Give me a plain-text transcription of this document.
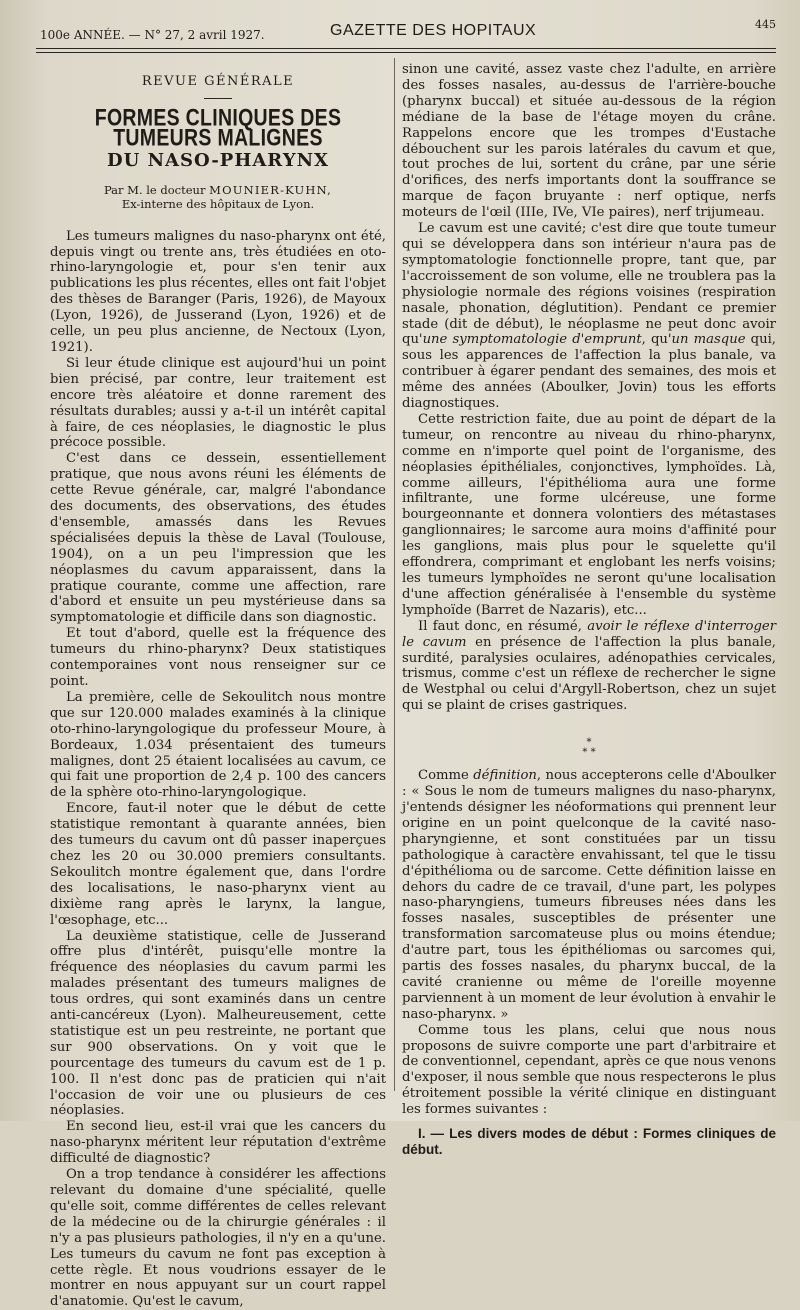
100e ANNÉE. — N° 27, 2 avril 1927.	GAZETTE DES HOPITAUX	445
REVUE GÉNÉRALE
FORMES CLINIQUES DES TUMEURS MALIGNES
DU NASO-PHARYNX
Par M. le docteur MOUNIER-KUHN,
Ex-interne des hôpitaux de Lyon.

Les tumeurs malignes du naso-pharynx ont été, depuis vingt ou trente ans, très étudiées en oto-rhino-laryngologie et, pour s'en tenir aux publications les plus récentes, elles ont fait l'objet des thèses de Baranger (Paris, 1926), de Mayoux (Lyon, 1926), de Jusserand (Lyon, 1926) et de celle, un peu plus ancienne, de Nectoux (Lyon, 1921).

Si leur étude clinique est aujourd'hui un point bien précisé, par contre, leur traitement est encore très aléatoire et donne rarement des résultats durables; aussi y a-t-il un intérêt capital à faire, de ces néoplasies, le diagnostic le plus précoce possible.

C'est dans ce dessein, essentiellement pratique, que nous avons réuni les éléments de cette Revue générale, car, malgré l'abondance des documents, des observations, des études d'ensemble, amassés dans les Revues spécialisées depuis la thèse de Laval (Toulouse, 1904), on a un peu l'impression que les néoplasmes du cavum apparaissent, dans la pratique courante, comme une affection, rare d'abord et ensuite un peu mystérieuse dans sa symptomatologie et difficile dans son diagnostic.

Et tout d'abord, quelle est la fréquence des tumeurs du rhino-pharynx? Deux statistiques contemporaines vont nous renseigner sur ce point.

La première, celle de Sekoulitch nous montre que sur 120.000 malades examinés à la clinique oto-rhino-laryngologique du professeur Moure, à Bordeaux, 1.034 présentaient des tumeurs malignes, dont 25 étaient localisées au cavum, ce qui fait une proportion de 2,4 p. 100 des cancers de la sphère oto-rhino-laryngologique.

Encore, faut-il noter que le début de cette statistique remontant à quarante années, bien des tumeurs du cavum ont dû passer inaperçues chez les 20 ou 30.000 premiers consultants. Sekoulitch montre également que, dans l'ordre des localisations, le naso-pharynx vient au dixième rang après le larynx, la langue, l'œsophage, etc...

La deuxième statistique, celle de Jusserand offre plus d'intérêt, puisqu'elle montre la fréquence des néoplasies du cavum parmi les malades présentant des tumeurs malignes de tous ordres, qui sont examinés dans un centre anti-cancéreux (Lyon). Malheureusement, cette statistique est un peu restreinte, ne portant que sur 900 observations. On y voit que le pourcentage des tumeurs du cavum est de 1 p. 100. Il n'est donc pas de praticien qui n'ait l'occasion de voir une ou plusieurs de ces néoplasies.

En second lieu, est-il vrai que les cancers du naso-pharynx méritent leur réputation d'extrême difficulté de diagnostic?

On a trop tendance à considérer les affections relevant du domaine d'une spécialité, quelle qu'elle soit, comme différentes de celles relevant de la médecine ou de la chirurgie générales : il n'y a pas plusieurs pathologies, il n'y en a qu'une. Les tumeurs du cavum ne font pas exception à cette règle. Et nous voudrions essayer de le montrer en nous appuyant sur un court rappel d'anatomie. Qu'est le cavum,

sinon une cavité, assez vaste chez l'adulte, en arrière des fosses nasales, au-dessus de l'arrière-bouche (pharynx buccal) et située au-dessous de la région médiane de la base de l'étage moyen du crâne. Rappelons encore que les trompes d'Eustache débouchent sur les parois latérales du cavum et que, tout proches de lui, sortent du crâne, par une série d'orifices, des nerfs importants dont la souffrance se marque de façon bruyante : nerf optique, nerfs moteurs de l'œil (IIIe, IVe, VIe paires), nerf trijumeau.

Le cavum est une cavité; c'est dire que toute tumeur qui se développera dans son intérieur n'aura pas de symptomatologie fonctionnelle propre, tant que, par l'accroissement de son volume, elle ne troublera pas la physiologie normale des régions voisines (respiration nasale, phonation, déglutition). Pendant ce premier stade (dit de début), le néoplasme ne peut donc avoir qu'une symptomatologie d'emprunt, qu'un masque qui, sous les apparences de l'affection la plus banale, va contribuer à égarer pendant des semaines, des mois et même des années (Aboulker, Jovin) tous les efforts diagnostiques.

Cette restriction faite, due au point de départ de la tumeur, on rencontre au niveau du rhino-pharynx, comme en n'importe quel point de l'organisme, des néoplasies épithéliales, conjonctives, lymphoïdes. Là, comme ailleurs, l'épithélioma aura une forme infiltrante, une forme ulcéreuse, une forme bourgeonnante et donnera volontiers des métastases ganglionnaires; le sarcome aura moins d'affinité pour les ganglions, mais plus pour le squelette qu'il effondrera, comprimant et englobant les nerfs voisins; les tumeurs lymphoïdes ne seront qu'une localisation d'une affection généralisée à l'ensemble du système lymphoïde (Barret de Nazaris), etc...

Il faut donc, en résumé, avoir le réflexe d'interroger le cavum en présence de l'affection la plus banale, surdité, paralysies oculaires, adénopathies cervicales, trismus, comme c'est un réflexe de rechercher le signe de Westphal ou celui d'Argyll-Robertson, chez un sujet qui se plaint de crises gastriques.

*
* *

Comme définition, nous accepterons celle d'Aboulker : « Sous le nom de tumeurs malignes du naso-pharynx, j'entends désigner les néoformations qui prennent leur origine en un point quelconque de la cavité naso-pharyngienne, et sont constituées par un tissu pathologique à caractère envahissant, tel que le tissu d'épithélioma ou de sarcome. Cette définition laisse en dehors du cadre de ce travail, d'une part, les polypes naso-pharyngiens, tumeurs fibreuses nées dans les fosses nasales, susceptibles de présenter une transformation sarcomateuse plus ou moins étendue; d'autre part, tous les épithéliomas ou sarcomes qui, partis des fosses nasales, du pharynx buccal, de la cavité cranienne ou même de l'oreille moyenne parviennent à un moment de leur évolution à envahir le naso-pharynx. »

Comme tous les plans, celui que nous nous proposons de suivre comporte une part d'arbitraire et de conventionnel, cependant, après ce que nous venons d'exposer, il nous semble que nous respecterons le plus étroitement possible la vérité clinique en distinguant les formes suivantes :

I. — Les divers modes de début : Formes cliniques de début.
